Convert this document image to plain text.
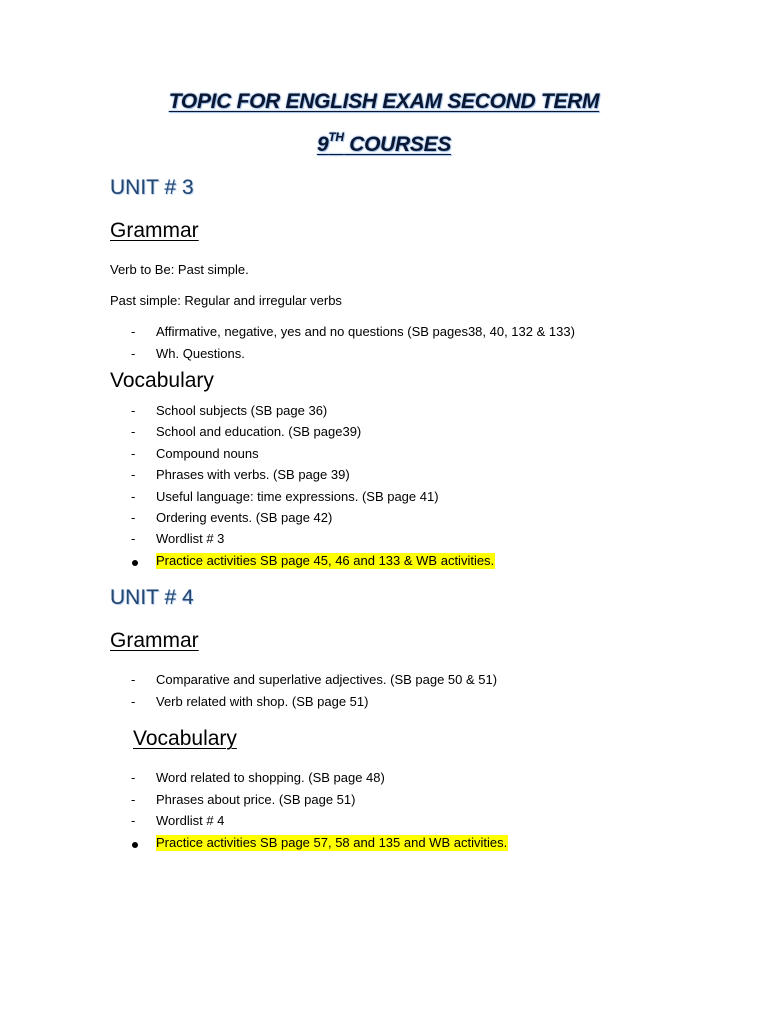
TOPIC FOR ENGLISH EXAM SECOND TERM
9TH COURSES
UNIT # 3
Grammar
Verb to Be: Past simple.
Past simple: Regular and irregular verbs
- Affirmative, negative, yes and no questions (SB pages38, 40, 132 & 133)
- Wh. Questions.
Vocabulary
- School subjects (SB page 36)
- School and education. (SB page39)
- Compound nouns
- Phrases with verbs. (SB page 39)
- Useful language: time expressions. (SB page 41)
- Ordering events. (SB page 42)
- Wordlist # 3
Practice activities SB page 45, 46 and 133 & WB activities.
UNIT # 4
Grammar
- Comparative and superlative adjectives. (SB page 50 & 51)
- Verb related with shop. (SB page 51)
Vocabulary
- Word related to shopping. (SB page 48)
- Phrases about price. (SB page 51)
- Wordlist # 4
Practice activities SB page 57, 58 and 135 and WB activities.
